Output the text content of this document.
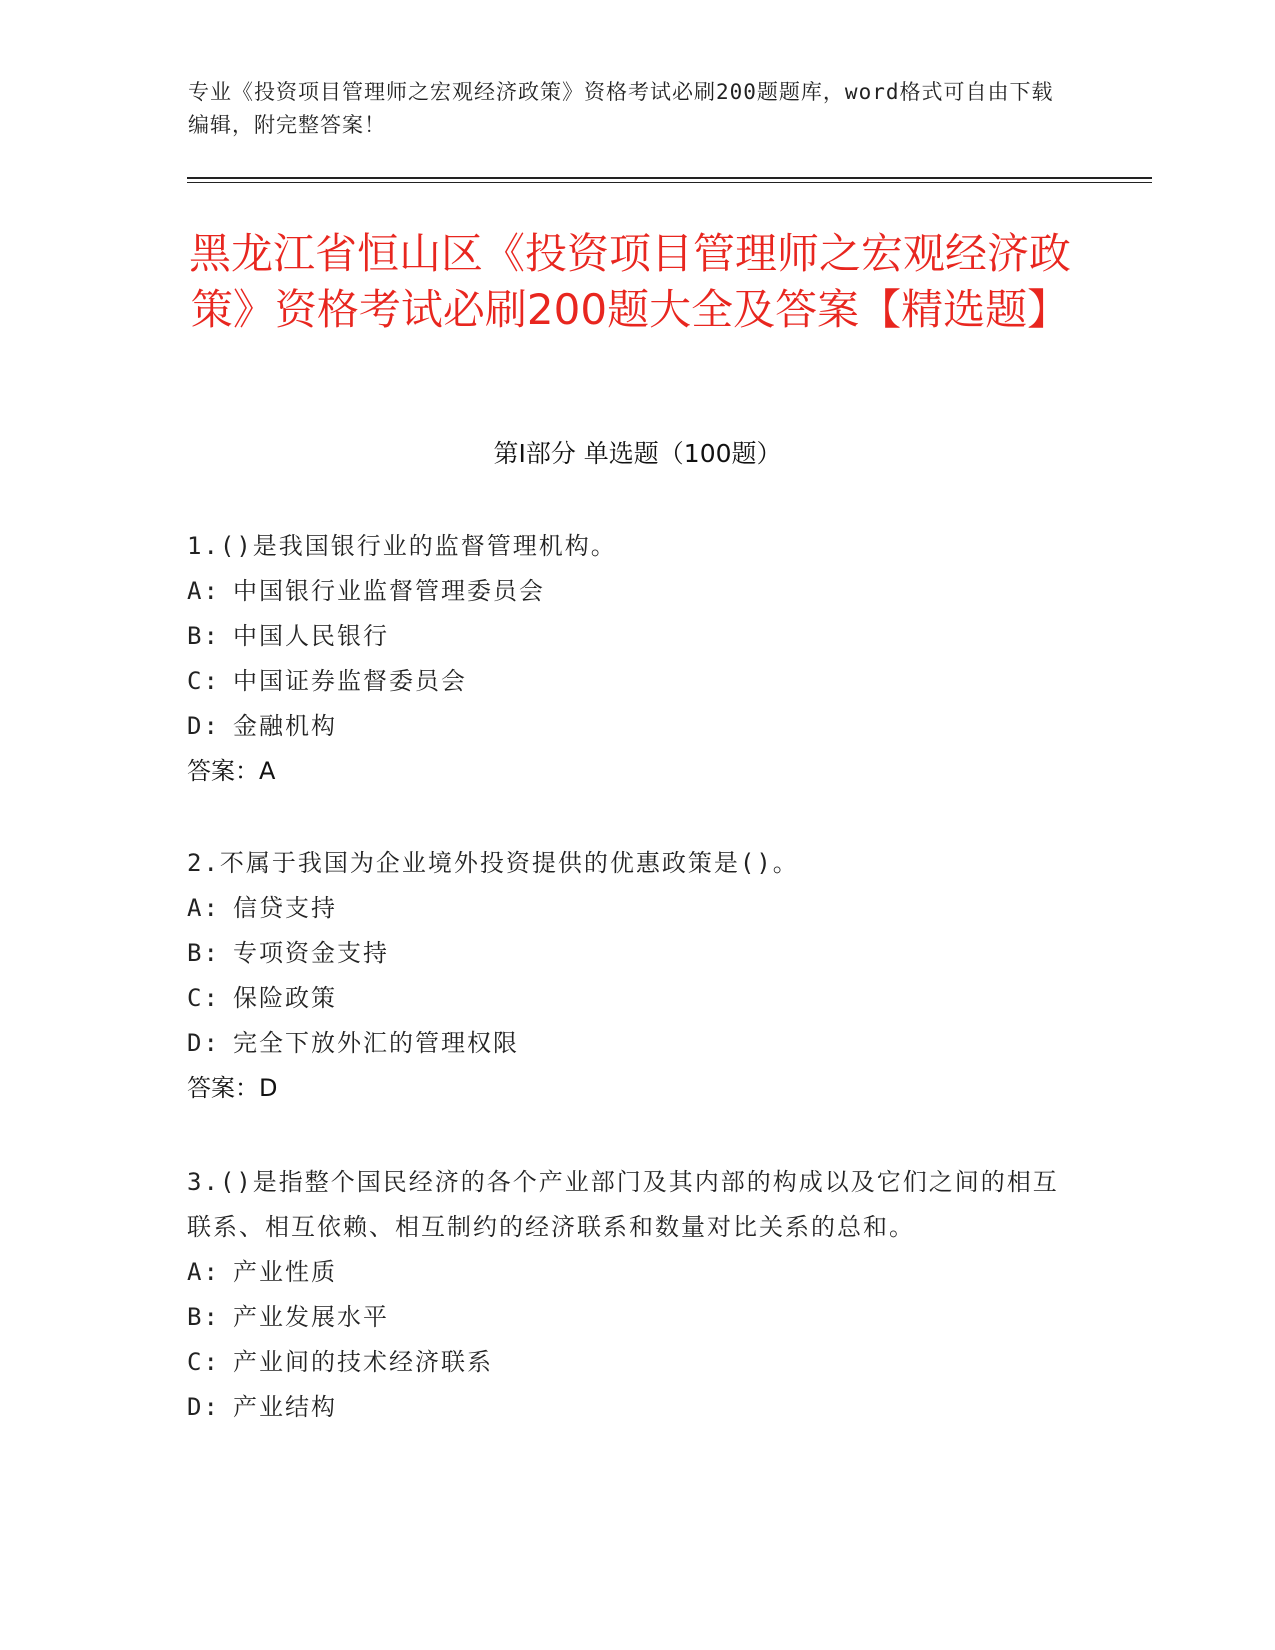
专业《投资项目管理师之宏观经济政策》资格考试必刷200题题库，word格式可自由下载编辑，附完整答案！
黑龙江省恒山区《投资项目管理师之宏观经济政策》资格考试必刷200题大全及答案【精选题】
第Ⅰ部分 单选题（100题）

1.()是我国银行业的监督管理机构。

A: 中国银行业监督管理委员会

B: 中国人民银行

C: 中国证券监督委员会

D: 金融机构

答案：A

2.不属于我国为企业境外投资提供的优惠政策是()。

A: 信贷支持

B: 专项资金支持

C: 保险政策

D: 完全下放外汇的管理权限

答案：D

3.()是指整个国民经济的各个产业部门及其内部的构成以及它们之间的相互联系、相互依赖、相互制约的经济联系和数量对比关系的总和。

A: 产业性质

B: 产业发展水平

C: 产业间的技术经济联系

D: 产业结构
